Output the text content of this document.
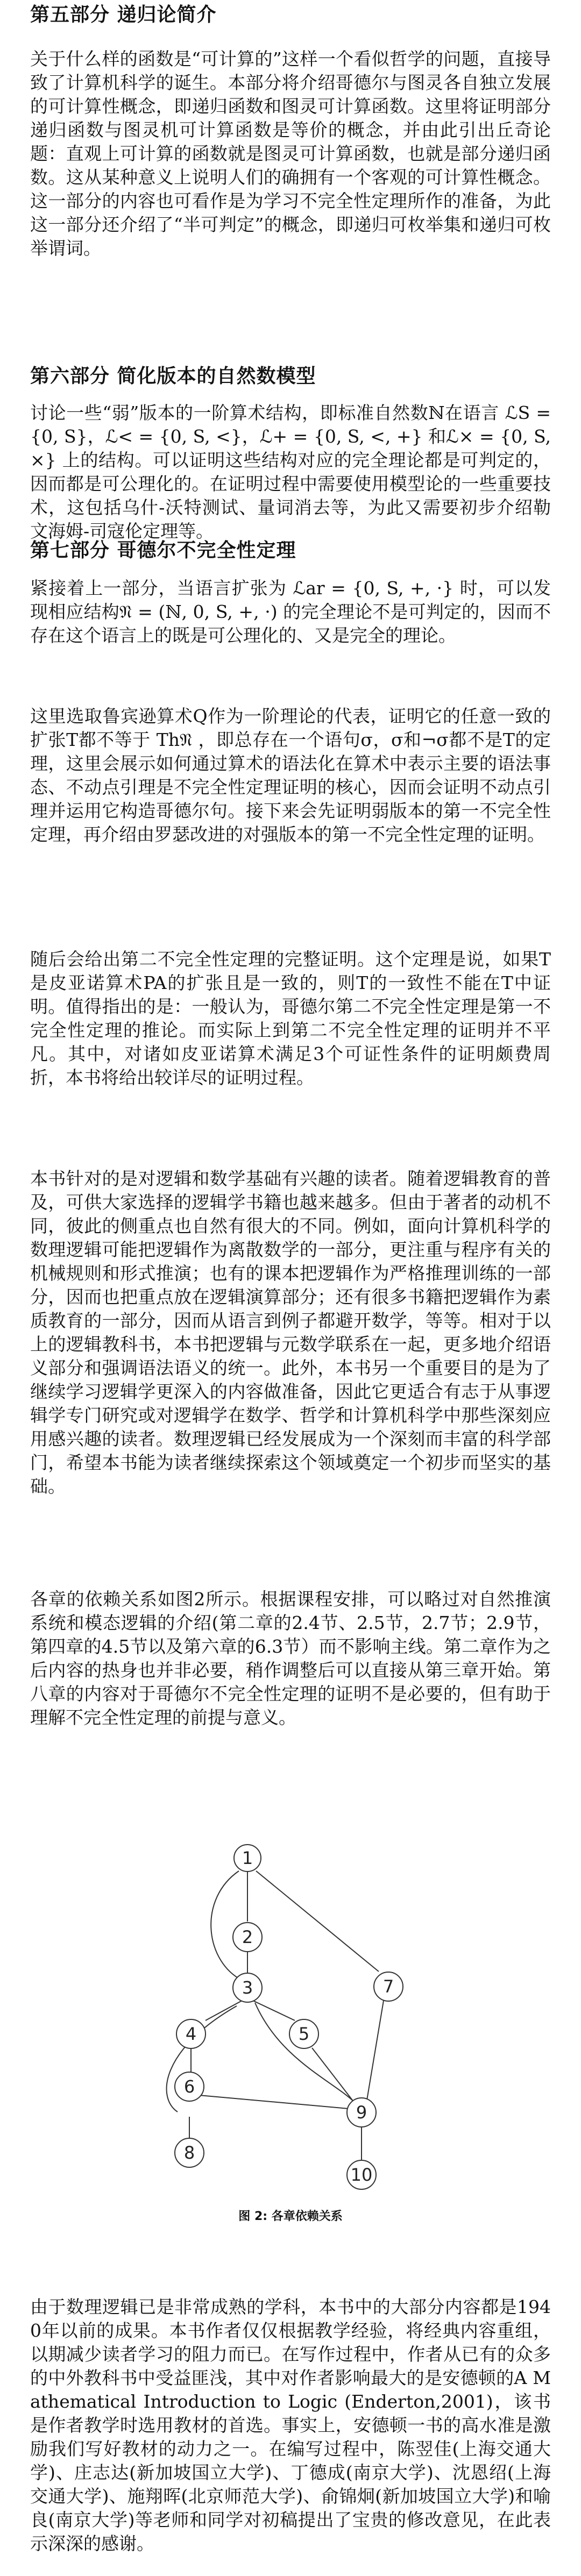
第五部分 递归论简介

关于什么样的函数是“可计算的”这样一个看似哲学的问题，直接导致了计算机科学的诞生。本部分将介绍哥德尔与图灵各自独立发展的可计算性概念，即递归函数和图灵可计算函数。这里将证明部分递归函数与图灵机可计算函数是等价的概念，并由此引出丘奇论题：直观上可计算的函数就是图灵可计算函数，也就是部分递归函数。这从某种意义上说明人们的确拥有一个客观的可计算性概念。这一部分的内容也可看作是为学习不完全性定理所作的准备，为此这一部分还介绍了“半可判定”的概念，即递归可枚举集和递归可枚举谓词。

第六部分 简化版本的自然数模型

讨论一些“弱”版本的一阶算术结构，即标准自然数ℕ在语言 ℒS = {0, S}，ℒ< = {0, S, <}，ℒ+ = {0, S, <, +} 和ℒ× = {0, S, ×} 上的结构。可以证明这些结构对应的完全理论都是可判定的，因而都是可公理化的。在证明过程中需要使用模型论的一些重要技术，这包括乌什-沃特测试、量词消去等，为此又需要初步介绍勒文海姆-司寇伦定理等。

第七部分 哥德尔不完全性定理

紧接着上一部分，当语言扩张为 ℒar = {0, S, +, ·} 时，可以发现相应结构𝔑 = (ℕ, 0, S, +, ·) 的完全理论不是可判定的，因而不存在这个语言上的既是可公理化的、又是完全的理论。

这里选取鲁宾逊算术Q作为一阶理论的代表，证明它的任意一致的扩张T都不等于 Th𝔑 ，即总存在一个语句σ，σ和¬σ都不是T的定理，这里会展示如何通过算术的语法化在算术中表示主要的语法事态、不动点引理是不完全性定理证明的核心，因而会证明不动点引理并运用它构造哥德尔句。接下来会先证明弱版本的第一不完全性定理，再介绍由罗瑟改进的对强版本的第一不完全性定理的证明。

随后会给出第二不完全性定理的完整证明。这个定理是说，如果T是皮亚诺算术PA的扩张且是一致的，则T的一致性不能在T中证明。值得指出的是：一般认为，哥德尔第二不完全性定理是第一不完全性定理的推论。而实际上到第二不完全性定理的证明并不平凡。其中，对诸如皮亚诺算术满足3个可证性条件的证明颇费周折，本书将给出较详尽的证明过程。

本书针对的是对逻辑和数学基础有兴趣的读者。随着逻辑教育的普及，可供大家选择的逻辑学书籍也越来越多。但由于著者的动机不同，彼此的侧重点也自然有很大的不同。例如，面向计算机科学的数理逻辑可能把逻辑作为离散数学的一部分，更注重与程序有关的机械规则和形式推演；也有的课本把逻辑作为严格推理训练的一部分，因而也把重点放在逻辑演算部分；还有很多书籍把逻辑作为素质教育的一部分，因而从语言到例子都避开数学，等等。相对于以上的逻辑教科书，本书把逻辑与元数学联系在一起，更多地介绍语义部分和强调语法语义的统一。此外，本书另一个重要目的是为了继续学习逻辑学更深入的内容做准备，因此它更适合有志于从事逻辑学专门研究或对逻辑学在数学、哲学和计算机科学中那些深刻应用感兴趣的读者。数理逻辑已经发展成为一个深刻而丰富的科学部门，希望本书能为读者继续探索这个领域奠定一个初步而坚实的基础。

各章的依赖关系如图2所示。根据课程安排，可以略过对自然推演系统和模态逻辑的介绍(第二章的2.4节、2.5节，2.7节；2.9节，第四章的4.5节以及第六章的6.3节）而不影响主线。第二章作为之后内容的热身也并非必要，稍作调整后可以直接从第三章开始。第八章的内容对于哥德尔不完全性定理的证明不是必要的，但有助于理解不完全性定理的前提与意义。

1
2
3
4	5
6
7
8
9
10
图 2: 各章依赖关系

由于数理逻辑已是非常成熟的学科，本书中的大部分内容都是1940年以前的成果。本书作者仅仅根据教学经验，将经典内容重组，以期减少读者学习的阻力而已。在写作过程中，作者从已有的众多的中外教科书中受益匪浅，其中对作者影响最大的是安德顿的A Mathematical Introduction to Logic (Enderton,2001)，该书是作者教学时选用教材的首选。事实上，安德顿一书的高水准是激励我们写好教材的动力之一。在编写过程中，陈翌佳(上海交通大学)、庄志达(新加坡国立大学)、丁德成(南京大学)、沈恩绍(上海交通大学)、施翔晖(北京师范大学)、俞锦炯(新加坡国立大学)和喻良(南京大学)等老师和同学对初稿提出了宝贵的修改意见，在此表示深深的感谢。
